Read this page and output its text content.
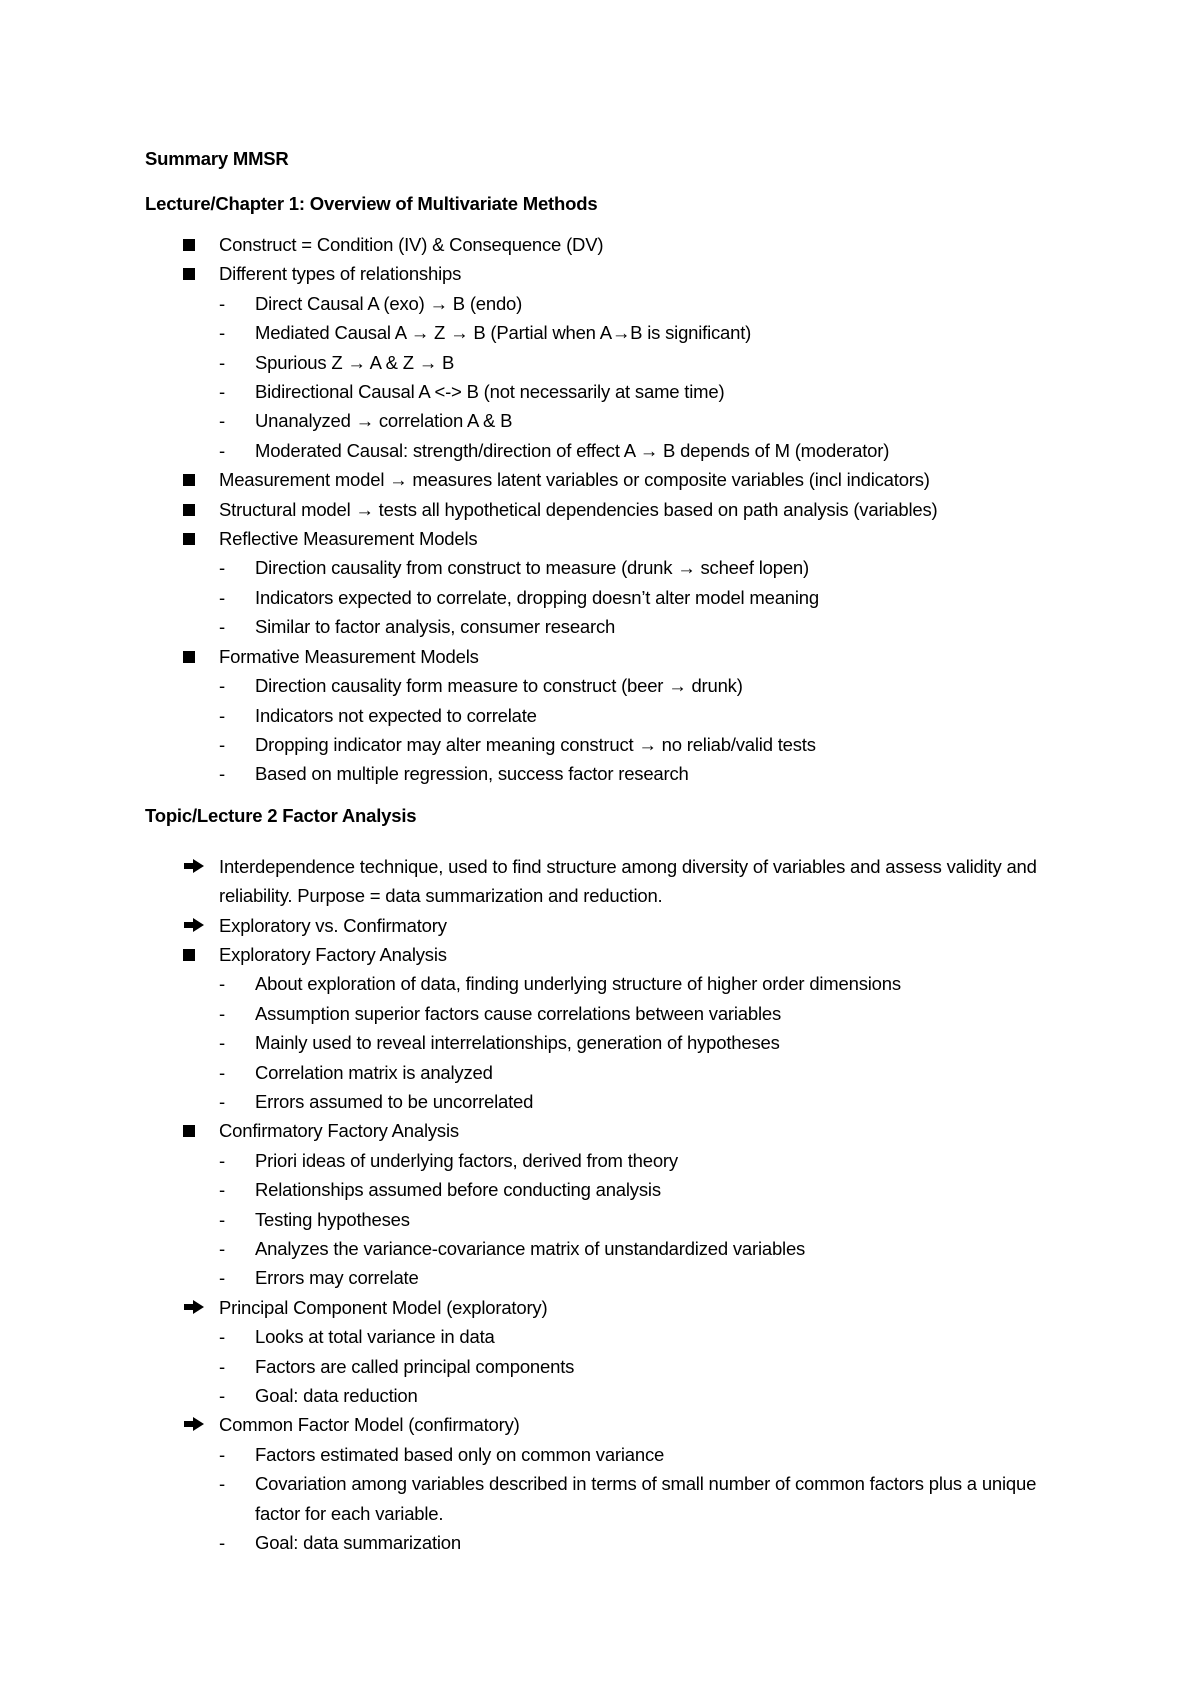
Summary MMSR
Lecture/Chapter 1: Overview of Multivariate Methods
Construct = Condition (IV) & Consequence (DV)
Different types of relationships
- Direct Causal A (exo) → B (endo)
- Mediated Causal A → Z → B (Partial when A→B is significant)
- Spurious Z → A & Z → B
- Bidirectional Causal A <-> B (not necessarily at same time)
- Unanalyzed → correlation A & B
- Moderated Causal: strength/direction of effect A → B depends of M (moderator)
Measurement model → measures latent variables or composite variables (incl indicators)
Structural model → tests all hypothetical dependencies based on path analysis (variables)
Reflective Measurement Models
- Direction causality from construct to measure (drunk → scheef lopen)
- Indicators expected to correlate, dropping doesn’t alter model meaning
- Similar to factor analysis, consumer research
Formative Measurement Models
- Direction causality form measure to construct (beer → drunk)
- Indicators not expected to correlate
- Dropping indicator may alter meaning construct → no reliab/valid tests
- Based on multiple regression, success factor research
Topic/Lecture 2 Factor Analysis
Interdependence technique, used to find structure among diversity of variables and assess validity and reliability. Purpose = data summarization and reduction.
Exploratory vs. Confirmatory
Exploratory Factory Analysis
- About exploration of data, finding underlying structure of higher order dimensions
- Assumption superior factors cause correlations between variables
- Mainly used to reveal interrelationships, generation of hypotheses
- Correlation matrix is analyzed
- Errors assumed to be uncorrelated
Confirmatory Factory Analysis
- Priori ideas of underlying factors, derived from theory
- Relationships assumed before conducting analysis
- Testing hypotheses
- Analyzes the variance-covariance matrix of unstandardized variables
- Errors may correlate
Principal Component Model (exploratory)
- Looks at total variance in data
- Factors are called principal components
- Goal: data reduction
Common Factor Model (confirmatory)
- Factors estimated based only on common variance
- Covariation among variables described in terms of small number of common factors plus a unique factor for each variable.
- Goal: data summarization
